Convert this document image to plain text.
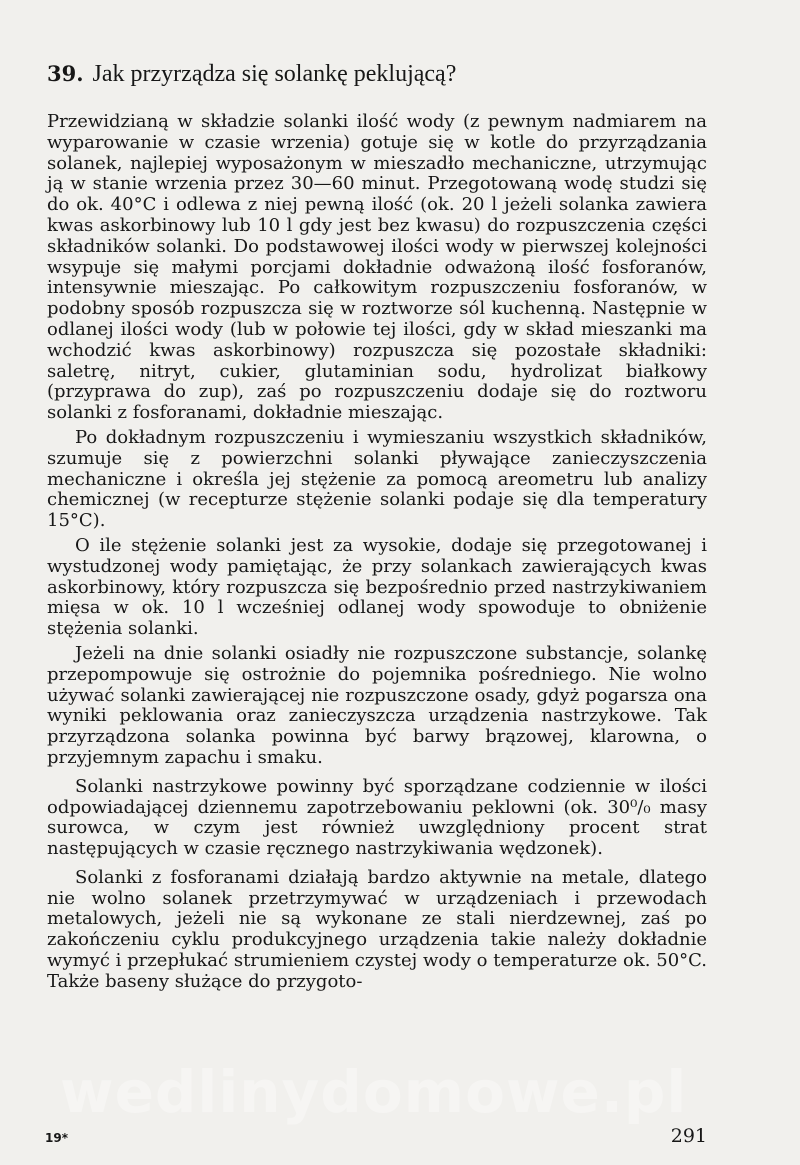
39. Jak przyrządza się solankę peklującą?

Przewidzianą w składzie solanki ilość wody (z pewnym nadmiarem na wyparowanie w czasie wrzenia) gotuje się w kotle do przyrządzania solanek, najlepiej wyposażonym w mieszadło mechaniczne, utrzymując ją w stanie wrzenia przez 30—60 minut. Przegotowaną wodę studzi się do ok. 40°C i odlewa z niej pewną ilość (ok. 20 l jeżeli solanka zawiera kwas askorbinowy lub 10 l gdy jest bez kwasu) do rozpuszczenia części składników solanki. Do podstawowej ilości wody w pierwszej kolejności wsypuje się małymi porcjami dokładnie odważoną ilość fosforanów, intensywnie mieszając. Po całkowitym rozpuszczeniu fosforanów, w podobny sposób rozpuszcza się w roztworze sól kuchenną. Następnie w odlanej ilości wody (lub w połowie tej ilości, gdy w skład mieszanki ma wchodzić kwas askorbinowy) rozpuszcza się pozostałe składniki: saletrę, nitryt, cukier, glutaminian sodu, hydrolizat białkowy (przyprawa do zup), zaś po rozpuszczeniu dodaje się do roztworu solanki z fosforanami, dokładnie mieszając.

Po dokładnym rozpuszczeniu i wymieszaniu wszystkich składników, szumuje się z powierzchni solanki pływające zanieczyszczenia mechaniczne i określa jej stężenie za pomocą areometru lub analizy chemicznej (w recepturze stężenie solanki podaje się dla temperatury 15°C).

O ile stężenie solanki jest za wysokie, dodaje się przegotowanej i wystudzonej wody pamiętając, że przy solankach zawierających kwas askorbinowy, który rozpuszcza się bezpośrednio przed nastrzykiwaniem mięsa w ok. 10 l wcześniej odlanej wody spowoduje to obniżenie stężenia solanki.

Jeżeli na dnie solanki osiadły nie rozpuszczone substancje, solankę przepompowuje się ostrożnie do pojemnika pośredniego. Nie wolno używać solanki zawierającej nie rozpuszczone osady, gdyż pogarsza ona wyniki peklowania oraz zanieczyszcza urządzenia nastrzykowe. Tak przyrządzona solanka powinna być barwy brązowej, klarowna, o przyjemnym zapachu i smaku.

Solanki nastrzykowe powinny być sporządzane codziennie w ilości odpowiadającej dziennemu zapotrzebowaniu peklowni (ok. 30⁰/₀ masy surowca, w czym jest również uwzględniony procent strat następujących w czasie ręcznego nastrzykiwania wędzonek).

Solanki z fosforanami działają bardzo aktywnie na metale, dlatego nie wolno solanek przetrzymywać w urządzeniach i przewodach metalowych, jeżeli nie są wykonane ze stali nierdzewnej, zaś po zakończeniu cyklu produkcyjnego urządzenia takie należy dokładnie wymyć i przepłukać strumieniem czystej wody o temperaturze ok. 50°C. Także baseny służące do przygoto-

wedlinydomowe.pl
19*	291
